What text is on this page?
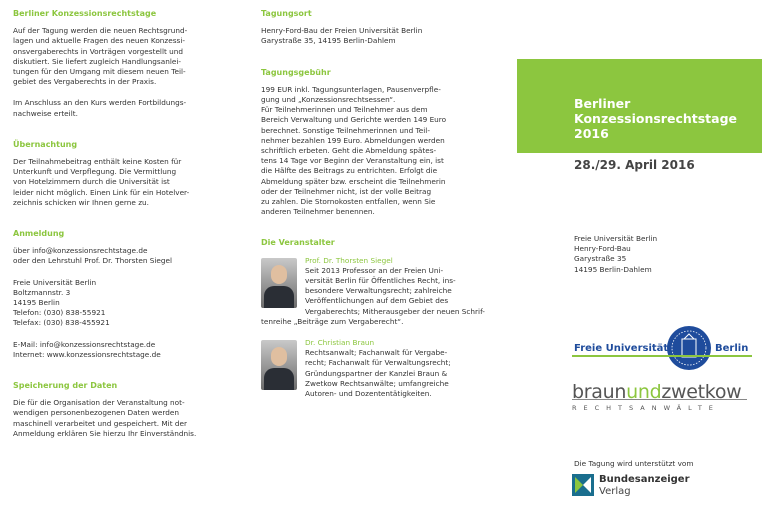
Berliner Konzessionsrechtstage

Auf der Tagung werden die neuen Rechtsgrund-
lagen und aktuelle Fragen des neuen Konzessi-
onsvergaberechts in Vorträgen vorgestellt und
diskutiert. Sie liefert zugleich Handlungsanlei-
tungen für den Umgang mit diesem neuen Teil-
gebiet des Vergaberechts in der Praxis.

Im Anschluss an den Kurs werden Fortbildungs-
nachweise erteilt.

Übernachtung

Der Teilnahmebeitrag enthält keine Kosten für
Unterkunft und Verpflegung. Die Vermittlung
von Hotelzimmern durch die Universität ist
leider nicht möglich. Einen Link für ein Hotelver-
zeichnis schicken wir Ihnen gerne zu.

Anmeldung

über info@konzessionsrechtstage.de
oder den Lehrstuhl Prof. Dr. Thorsten Siegel

Freie Universität Berlin
Boltzmannstr. 3
14195 Berlin
Telefon: (030) 838-55921
Telefax: (030) 838-455921

E-Mail: info@konzessionsrechtstage.de
Internet: www.konzessionsrechtstage.de

Speicherung der Daten

Die für die Organisation der Veranstaltung not-
wendigen personenbezogenen Daten werden
maschinell verarbeitet und gespeichert. Mit der
Anmeldung erklären Sie hierzu Ihr Einverständnis.

Tagungsort

Henry-Ford-Bau der Freien Universität Berlin
Garystraße 35, 14195 Berlin-Dahlem

Tagungsgebühr

199 EUR inkl. Tagungsunterlagen, Pausenverpfle-
gung und „Konzessionsrechtsessen“.
Für Teilnehmerinnen und Teilnehmer aus dem
Bereich Verwaltung und Gerichte werden 149 Euro
berechnet. Sonstige Teilnehmerinnen und Teil-
nehmer bezahlen 199 Euro. Abmeldungen werden
schriftlich erbeten. Geht die Abmeldung spätes-
tens 14 Tage vor Beginn der Veranstaltung ein, ist
die Hälfte des Beitrags zu entrichten. Erfolgt die
Abmeldung später bzw. erscheint die Teilnehmerin
oder der Teilnehmer nicht, ist der volle Beitrag
zu zahlen. Die Stornokosten entfallen, wenn Sie
anderen Teilnehmer benennen.

Die Veranstalter

Prof. Dr. Thorsten Siegel

Seit 2013 Professor an der Freien Uni-
versität Berlin für Öffentliches Recht, ins-
besondere Verwaltungsrecht; zahlreiche
Veröffentlichungen auf dem Gebiet des
Vergaberechts; Mitherausgeber der neuen Schrif-
tenreihe „Beiträge zum Vergaberecht“.

Dr. Christian Braun

Rechtsanwalt; Fachanwalt für Vergabe-
recht; Fachanwalt für Verwaltungsrecht;
Gründungspartner der Kanzlei Braun &
Zwetkow Rechtsanwälte; umfangreiche
Autoren- und Dozententätigkeiten.

Berliner
Konzessionsrechtstage
2016
28./29. April 2016
Freie Universität Berlin
Henry-Ford-Bau
Garystraße 35
14195 Berlin-Dahlem
Freie Universität	Berlin
braunundzwetkow
RECHTSANWÄLTE
Die Tagung wird unterstützt vom
Bundesanzeiger
Verlag
